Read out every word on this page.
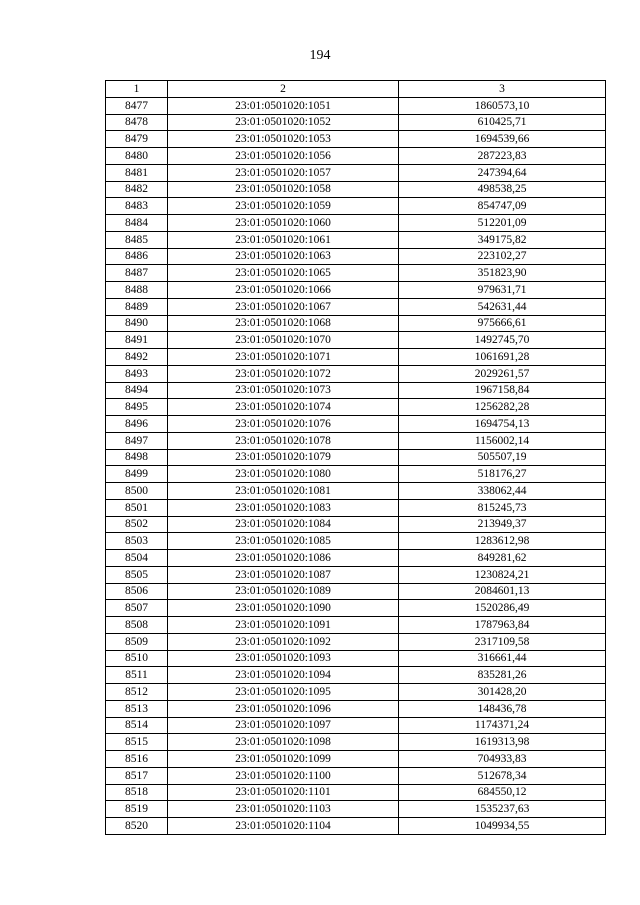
194
1	2	3
8477	23:01:0501020:1051	1860573,10
8478	23:01:0501020:1052	610425,71
8479	23:01:0501020:1053	1694539,66
8480	23:01:0501020:1056	287223,83
8481	23:01:0501020:1057	247394,64
8482	23:01:0501020:1058	498538,25
8483	23:01:0501020:1059	854747,09
8484	23:01:0501020:1060	512201,09
8485	23:01:0501020:1061	349175,82
8486	23:01:0501020:1063	223102,27
8487	23:01:0501020:1065	351823,90
8488	23:01:0501020:1066	979631,71
8489	23:01:0501020:1067	542631,44
8490	23:01:0501020:1068	975666,61
8491	23:01:0501020:1070	1492745,70
8492	23:01:0501020:1071	1061691,28
8493	23:01:0501020:1072	2029261,57
8494	23:01:0501020:1073	1967158,84
8495	23:01:0501020:1074	1256282,28
8496	23:01:0501020:1076	1694754,13
8497	23:01:0501020:1078	1156002,14
8498	23:01:0501020:1079	505507,19
8499	23:01:0501020:1080	518176,27
8500	23:01:0501020:1081	338062,44
8501	23:01:0501020:1083	815245,73
8502	23:01:0501020:1084	213949,37
8503	23:01:0501020:1085	1283612,98
8504	23:01:0501020:1086	849281,62
8505	23:01:0501020:1087	1230824,21
8506	23:01:0501020:1089	2084601,13
8507	23:01:0501020:1090	1520286,49
8508	23:01:0501020:1091	1787963,84
8509	23:01:0501020:1092	2317109,58
8510	23:01:0501020:1093	316661,44
8511	23:01:0501020:1094	835281,26
8512	23:01:0501020:1095	301428,20
8513	23:01:0501020:1096	148436,78
8514	23:01:0501020:1097	1174371,24
8515	23:01:0501020:1098	1619313,98
8516	23:01:0501020:1099	704933,83
8517	23:01:0501020:1100	512678,34
8518	23:01:0501020:1101	684550,12
8519	23:01:0501020:1103	1535237,63
8520	23:01:0501020:1104	1049934,55
